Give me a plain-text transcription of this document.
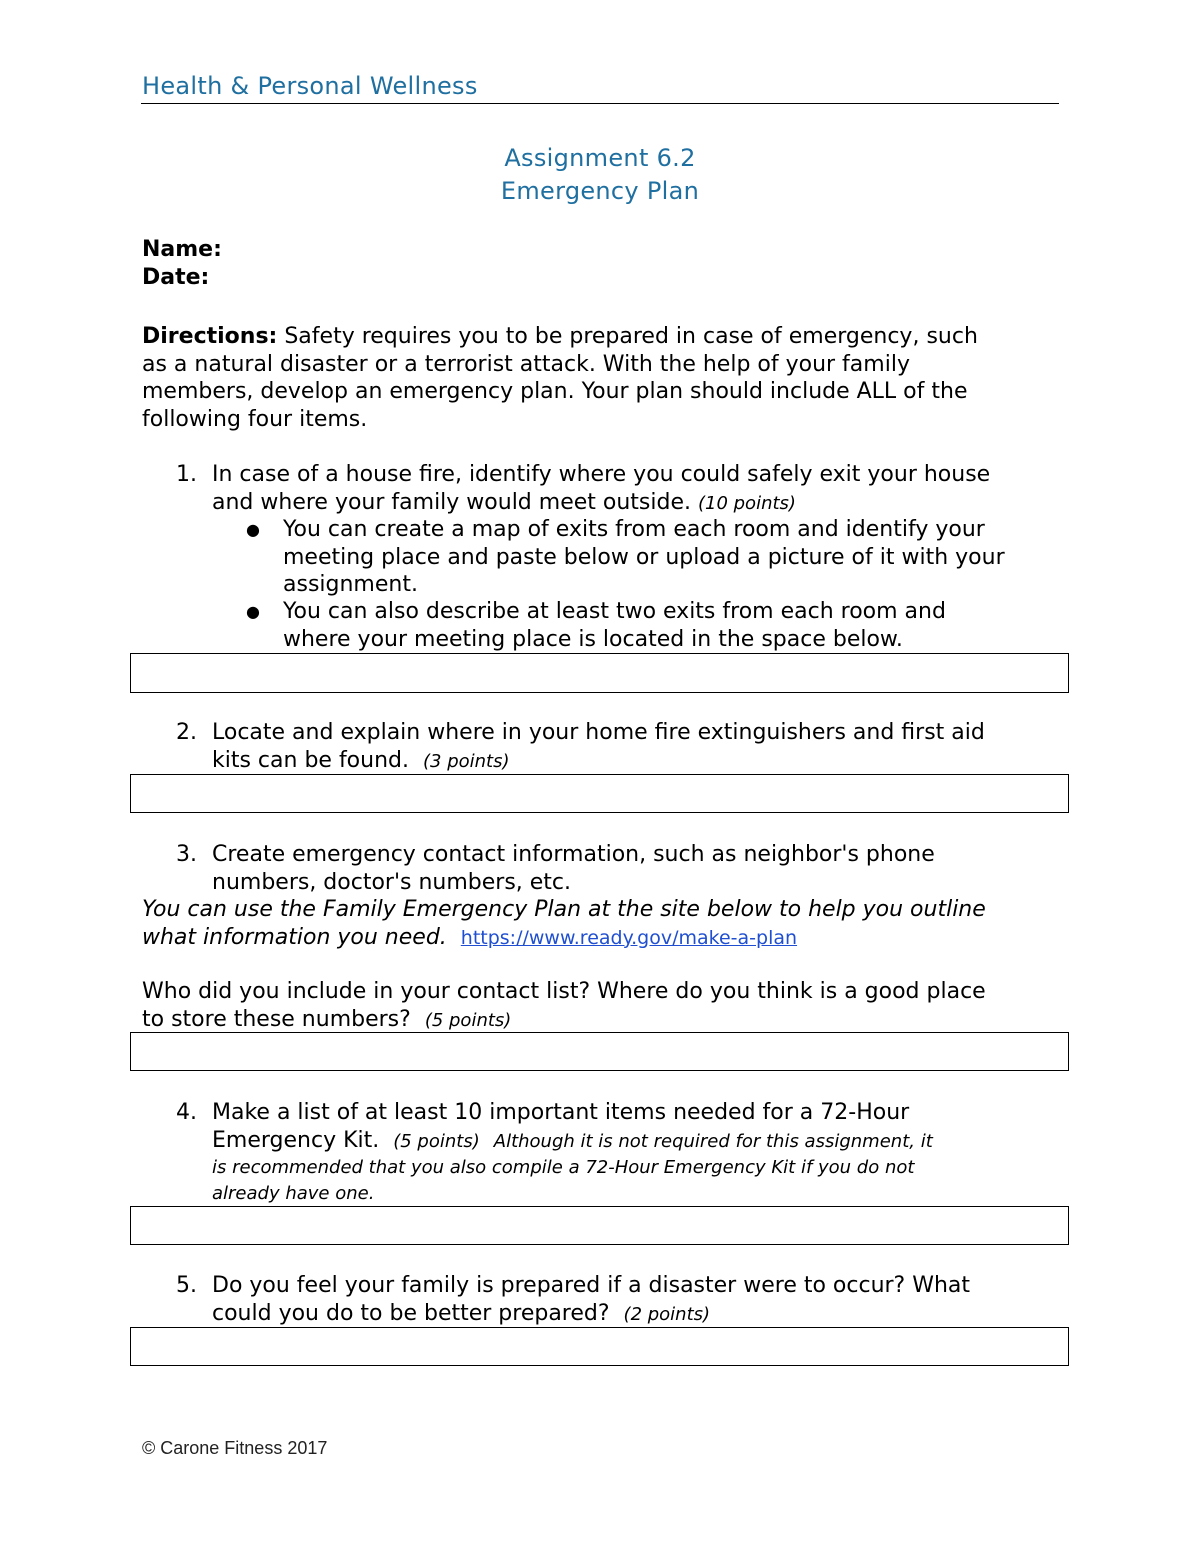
Health & Personal Wellness
Assignment 6.2
Emergency Plan
Name:
Date:
Directions: Safety requires you to be prepared in case of emergency, such
as a natural disaster or a terrorist attack. With the help of your family
members, develop an emergency plan. Your plan should include ALL of the
following four items.
1. In case of a house fire, identify where you could safely exit your house
and where your family would meet outside. (10 points)
● You can create a map of exits from each room and identify your
meeting place and paste below or upload a picture of it with your
assignment.
● You can also describe at least two exits from each room and
where your meeting place is located in the space below.
2. Locate and explain where in your home fire extinguishers and first aid
kits can be found. (3 points)
3. Create emergency contact information, such as neighbor's phone
numbers, doctor's numbers, etc.
You can use the Family Emergency Plan at the site below to help you outline
what information you need. https://www.ready.gov/make-a-plan
Who did you include in your contact list? Where do you think is a good place
to store these numbers? (5 points)
4. Make a list of at least 10 important items needed for a 72-Hour
Emergency Kit. (5 points) Although it is not required for this assignment, it
is recommended that you also compile a 72-Hour Emergency Kit if you do not
already have one.
5. Do you feel your family is prepared if a disaster were to occur? What
could you do to be better prepared? (2 points)
© Carone Fitness 2017
